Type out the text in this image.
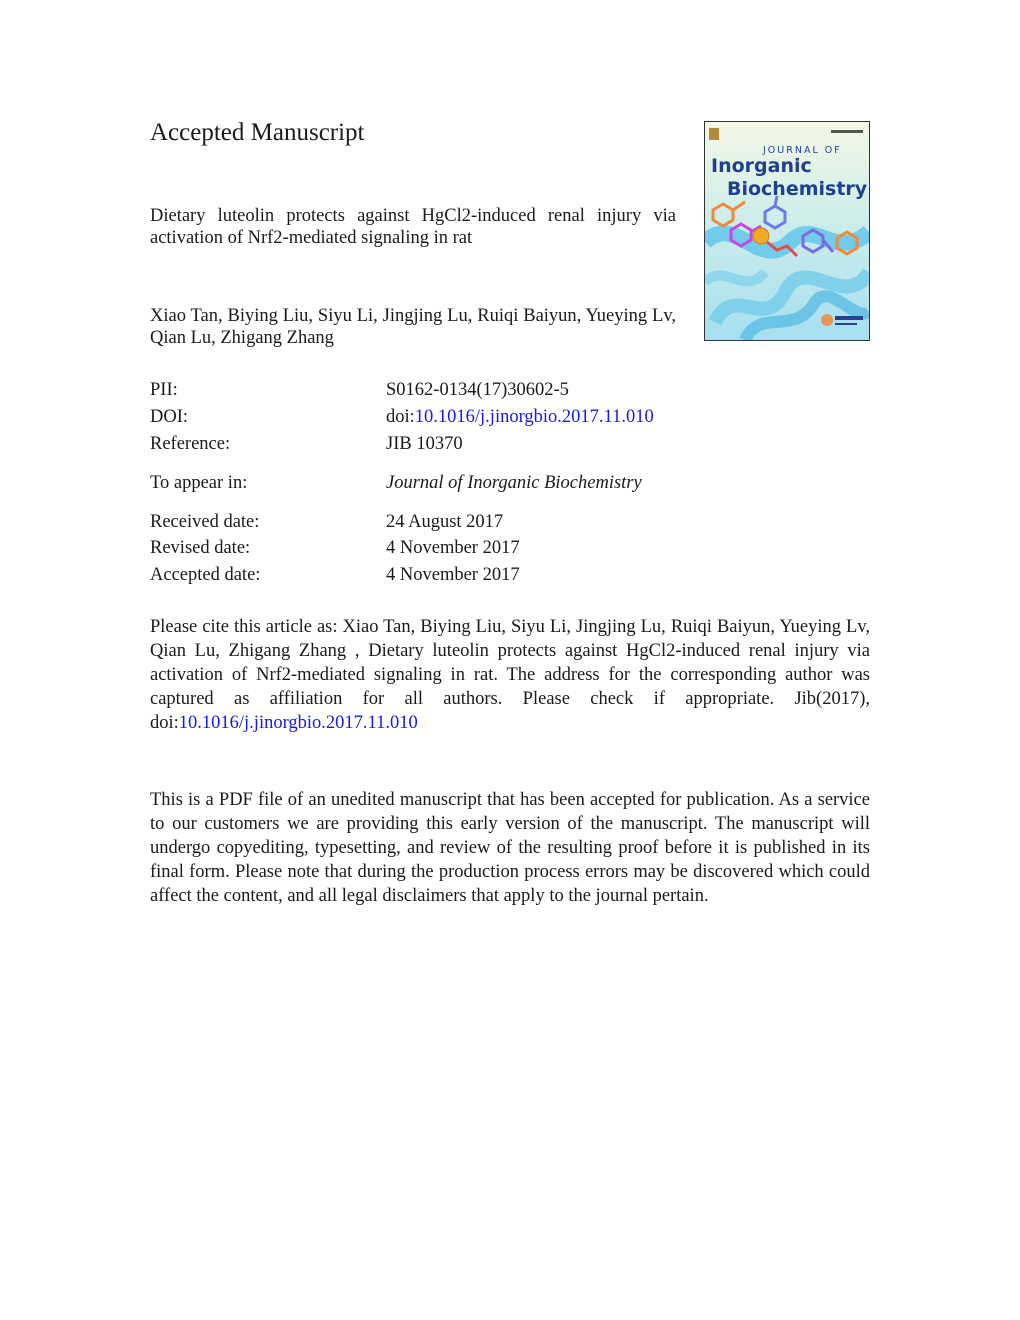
Accepted Manuscript
JOURNAL OF
Inorganic
Biochemistry
Dietary luteolin protects against HgCl2-induced renal injury via activation of Nrf2-mediated signaling in rat
Xiao Tan, Biying Liu, Siyu Li, Jingjing Lu, Ruiqi Baiyun, Yueying Lv, Qian Lu, Zhigang Zhang
PII:	S0162-0134(17)30602-5
DOI:	doi:10.1016/j.jinorgbio.2017.11.010
Reference:	JIB 10370
To appear in:	Journal of Inorganic Biochemistry
Received date:	24 August 2017
Revised date:	4 November 2017
Accepted date:	4 November 2017
Please cite this article as: Xiao Tan, Biying Liu, Siyu Li, Jingjing Lu, Ruiqi Baiyun, Yueying Lv, Qian Lu, Zhigang Zhang , Dietary luteolin protects against HgCl2-induced renal injury via activation of Nrf2-mediated signaling in rat. The address for the corresponding author was captured as affiliation for all authors. Please check if appropriate. Jib(2017), doi:10.1016/j.jinorgbio.2017.11.010
This is a PDF file of an unedited manuscript that has been accepted for publication. As a service to our customers we are providing this early version of the manuscript. The manuscript will undergo copyediting, typesetting, and review of the resulting proof before it is published in its final form. Please note that during the production process errors may be discovered which could affect the content, and all legal disclaimers that apply to the journal pertain.
